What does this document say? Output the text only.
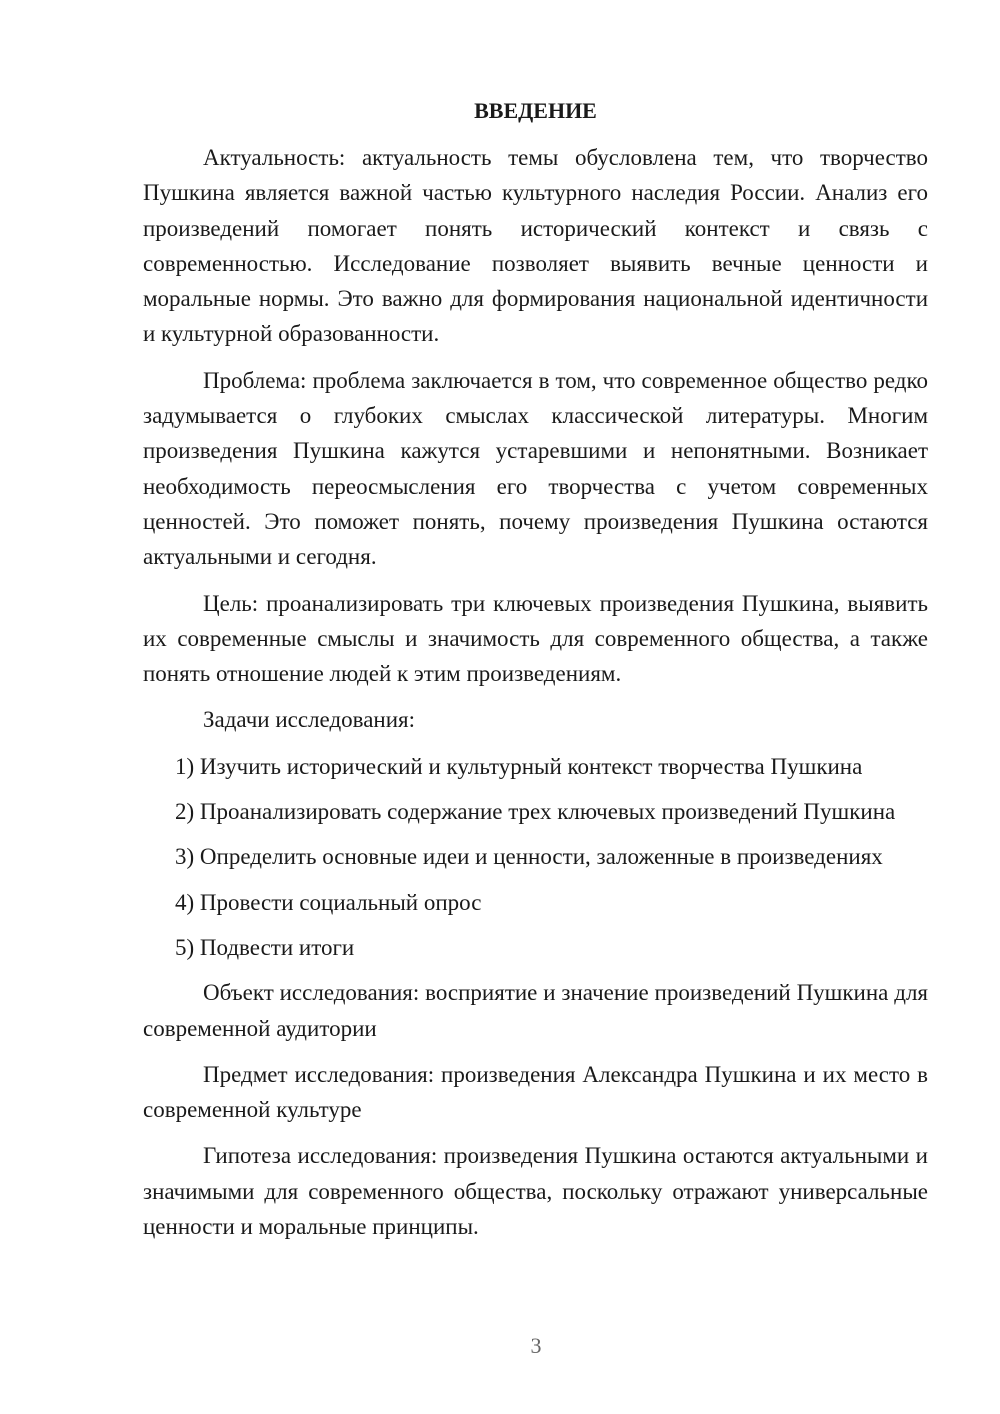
ВВЕДЕНИЕ

Актуальность: актуальность темы обусловлена тем, что творчество Пушкина является важной частью культурного наследия России. Анализ его произведений помогает понять исторический контекст и связь с современностью. Исследование позволяет выявить вечные ценности и моральные нормы. Это важно для формирования национальной идентичности и культурной образованности.

Проблема: проблема заключается в том, что современное общество редко задумывается о глубоких смыслах классической литературы. Многим произведения Пушкина кажутся устаревшими и непонятными. Возникает необходимость переосмысления его творчества с учетом современных ценностей. Это поможет понять, почему произведения Пушкина остаются актуальными и сегодня.

Цель: проанализировать три ключевых произведения Пушкина, выявить их современные смыслы и значимость для современного общества, а также понять отношение людей к этим произведениям.

Задачи исследования:

1) Изучить исторический и культурный контекст творчества Пушкина

2) Проанализировать содержание трех ключевых произведений Пушкина

3) Определить основные идеи и ценности, заложенные в произведениях

4) Провести социальный опрос

5) Подвести итоги

Объект исследования: восприятие и значение произведений Пушкина для современной аудитории

Предмет исследования: произведения Александра Пушкина и их место в современной культуре

Гипотеза исследования: произведения Пушкина остаются актуальными и значимыми для современного общества, поскольку отражают универсальные ценности и моральные принципы.

3
